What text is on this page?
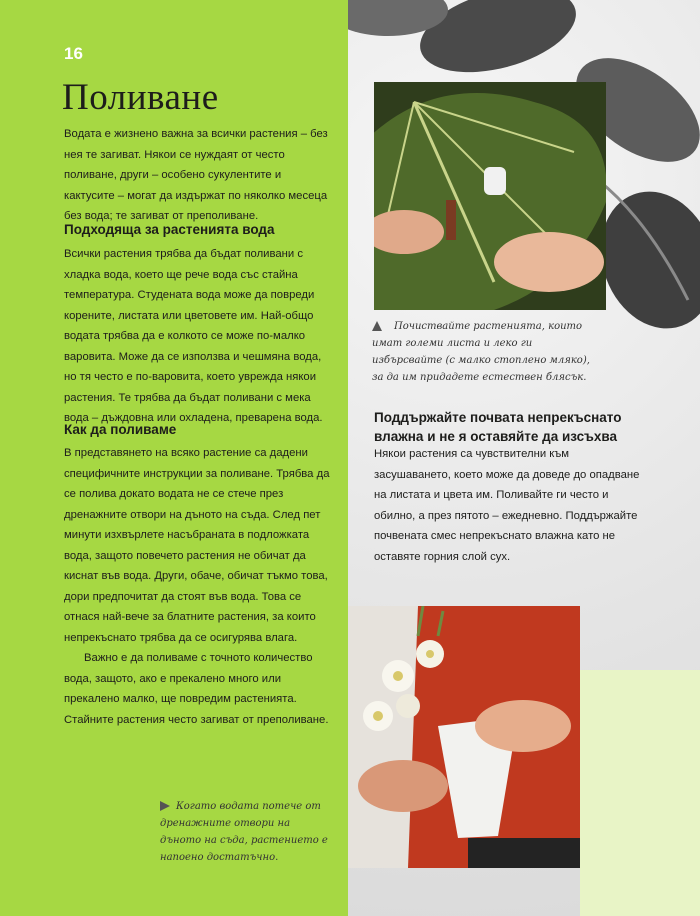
16
Поливане

Водата е жизнено важна за всички растения – без нея те загиват. Някои се нуждаят от често поливане, други – особено сукулентите и кактусите – могат да издържат по няколко месеца без вода; те загиват от преполиване.

Подходяща за растенията вода

Всички растения трябва да бъдат поливани с хладка вода, което ще рече вода със стайна температура. Студената вода може да повреди корените, листата или цветовете им. Най-общо водата трябва да е колкото се може по-малко варовита. Може да се използва и чешмяна вода, но тя често е по-варовита, което уврежда някои растения. Те трябва да бъдат поливани с мека вода – дъждовна или охладена, преварена вода.

Как да поливаме

В представянето на всяко растение са дадени специфичните инструкции за поливане. Трябва да се полива докато водата не се стече през дренажните отвори на дъното на съда. След пет минути изхвърлете насъбраната в подложката вода, защото повечето растения не обичат да киснат във вода. Други, обаче, обичат тъкмо това, дори предпочитат да стоят във вода. Това се отнася най-вече за блатните растения, за които непрекъснато трябва да се осигурява влага.

Важно е да поливаме с точното количество вода, защото, ако е прекалено много или прекалено малко, ще повредим растенията. Стайните растения често загиват от преполиване.

Почиствайте растенията, които имат големи листа и леко ги избърсвайте (с малко стоплено мляко), за да им придадете естествен блясък.
Поддържайте почвата непрекъснато влажна и не я оставяйте да изсъхва
Някои растения са чувствителни към засушаването, което може да доведе до опадване на листата и цвета им. Поливайте ги често и обилно, а през пятото – ежедневно. Поддържайте почвената смес непрекъснато влажна като не оставяте горния слой сух.
Когато водата потече от дренажните отвори на дъното на съда, растението е напоено достатъчно.
